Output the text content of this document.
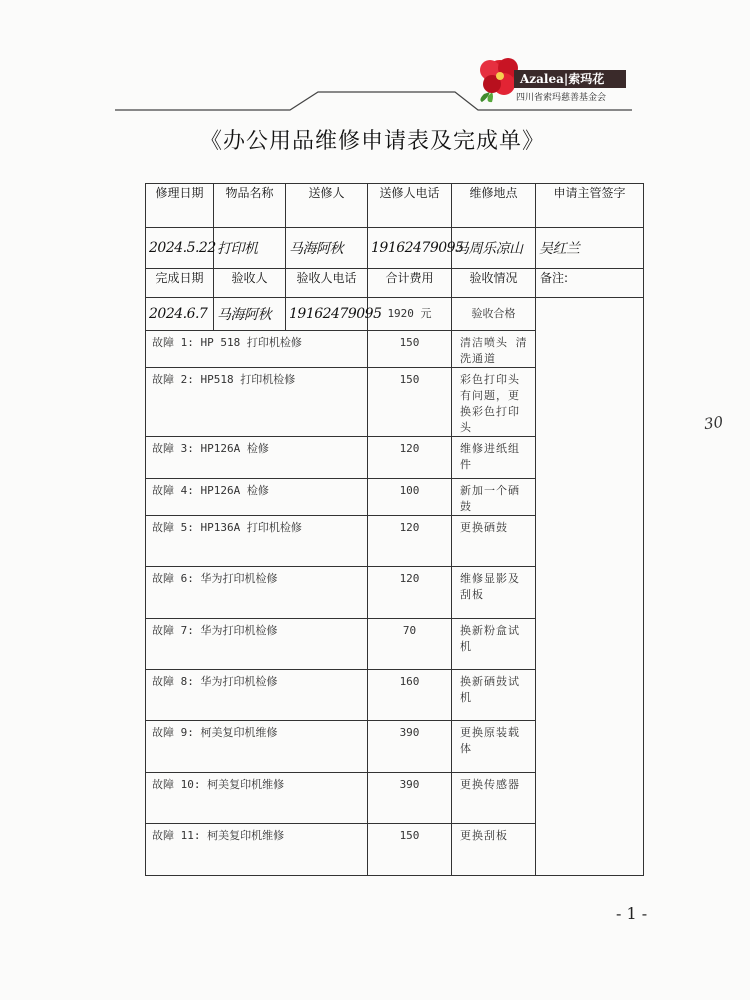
Azalea|索玛花
四川省索玛慈善基金会
《办公用品维修申请表及完成单》
修理日期	物品名称	送修人	送修人电话	维修地点	申请主管签字
2024.5.22	打印机	马海阿秋	19162479095	马周乐凉山	吴红兰
完成日期	验收人	验收人电话	合计费用	验收情况	备注:
2024.6.7	马海阿秋	19162479095	1920 元	验收合格	
故障 1: HP 518 打印机检修			150	清洁喷头 清洗通道	
故障 2: HP518 打印机检修			150	彩色打印头有问题，更换彩色打印头	
故障 3: HP126A 检修			120	维修进纸组件	
故障 4: HP126A 检修			100	新加一个硒鼓	
故障 5: HP136A 打印机检修			120	更换硒鼓	
故障 6: 华为打印机检修			120	维修显影及刮板	
故障 7: 华为打印机检修			70	换新粉盒试机	
故障 8: 华为打印机检修			160	换新硒鼓试机	
故障 9: 柯美复印机维修			390	更换原装载体	
故障 10: 柯美复印机维修			390	更换传感器	
故障 11: 柯美复印机维修			150	更换刮板	
30
- 1 -
